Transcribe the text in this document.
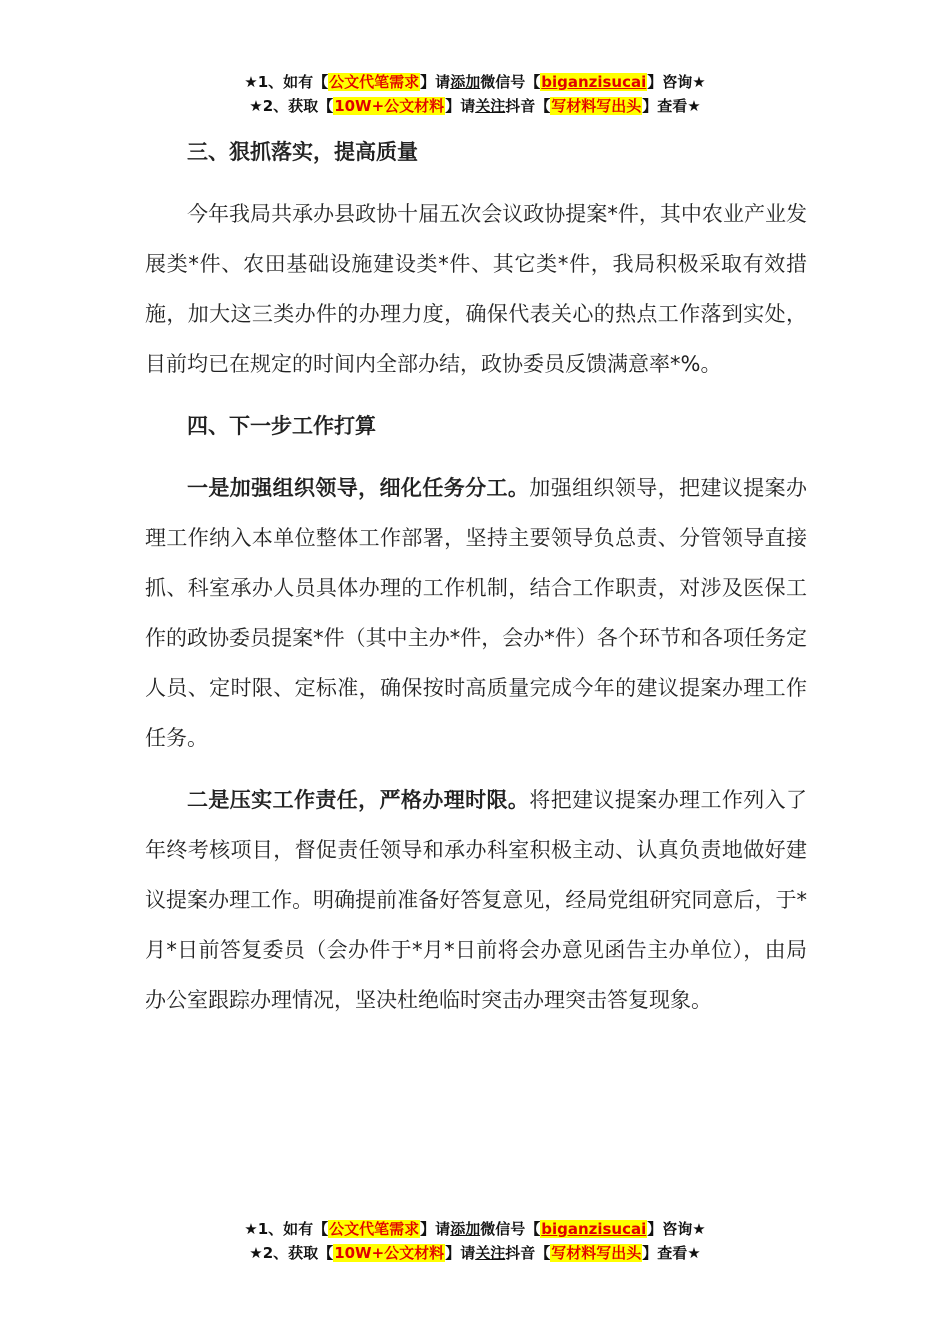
★1、如有【公文代笔需求】请添加微信号【biganzisucai】咨询★
★2、获取【10W+公文材料】请关注抖音【写材料写出头】查看★

三、狠抓落实，提高质量

今年我局共承办县政协十届五次会议政协提案*件，其中农业产业发展类*件、农田基础设施建设类*件、其它类*件，我局积极采取有效措施，加大这三类办件的办理力度，确保代表关心的热点工作落到实处，目前均已在规定的时间内全部办结，政协委员反馈满意率*%。

四、下一步工作打算

一是加强组织领导，细化任务分工。加强组织领导，把建议提案办理工作纳入本单位整体工作部署，坚持主要领导负总责、分管领导直接抓、科室承办人员具体办理的工作机制，结合工作职责，对涉及医保工作的政协委员提案*件（其中主办*件，会办*件）各个环节和各项任务定人员、定时限、定标准，确保按时高质量完成今年的建议提案办理工作任务。

二是压实工作责任，严格办理时限。将把建议提案办理工作列入了年终考核项目，督促责任领导和承办科室积极主动、认真负责地做好建议提案办理工作。明确提前准备好答复意见，经局党组研究同意后，于*月*日前答复委员（会办件于*月*日前将会办意见函告主办单位），由局办公室跟踪办理情况，坚决杜绝临时突击办理突击答复现象。

★1、如有【公文代笔需求】请添加微信号【biganzisucai】咨询★
★2、获取【10W+公文材料】请关注抖音【写材料写出头】查看★
